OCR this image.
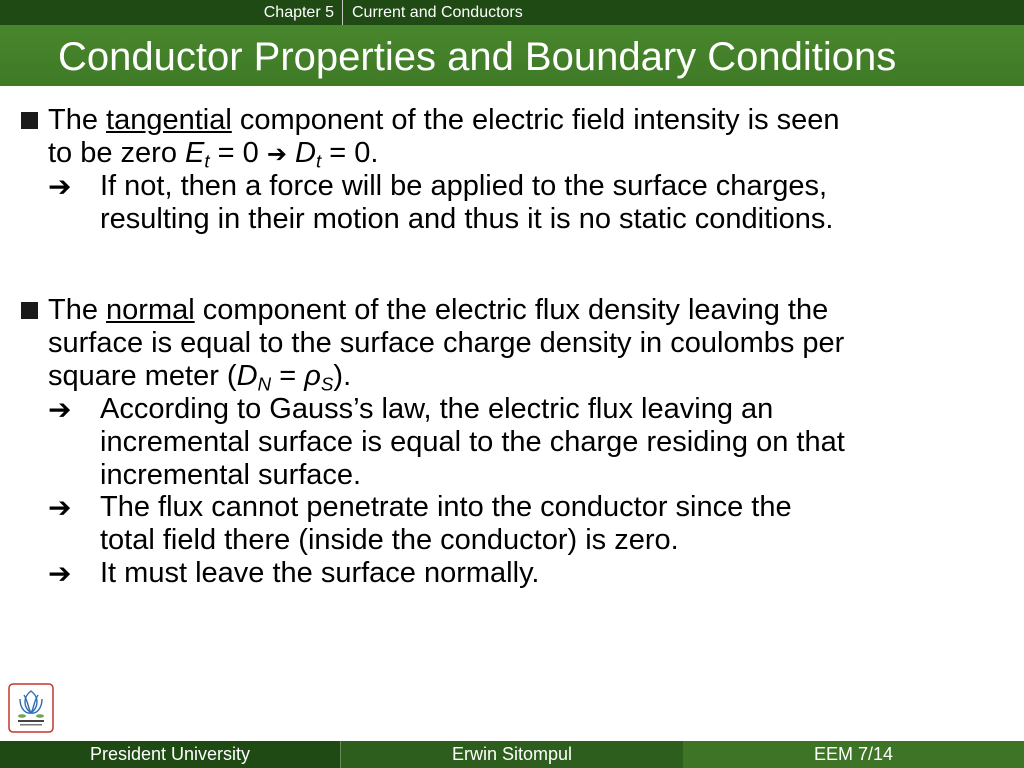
Chapter 5	Current and Conductors
Conductor Properties and Boundary Conditions
The tangential component of the electric field intensity is seen
to be zero $E_t = 0$ ➔ $D_t = 0$.
➔ If not, then a force will be applied to the surface charges,
resulting in their motion and thus it is no static conditions.
The normal component of the electric flux density leaving the
surface is equal to the surface charge density in coulombs per
square meter $(D_N = \rho_S)$.
➔ According to Gauss’s law, the electric flux leaving an
incremental surface is equal to the charge residing on that
incremental surface.
➔ The flux cannot penetrate into the conductor since the
total field there (inside the conductor) is zero.
➔ It must leave the surface normally.
President University	Erwin Sitompul	EEM 7/14
